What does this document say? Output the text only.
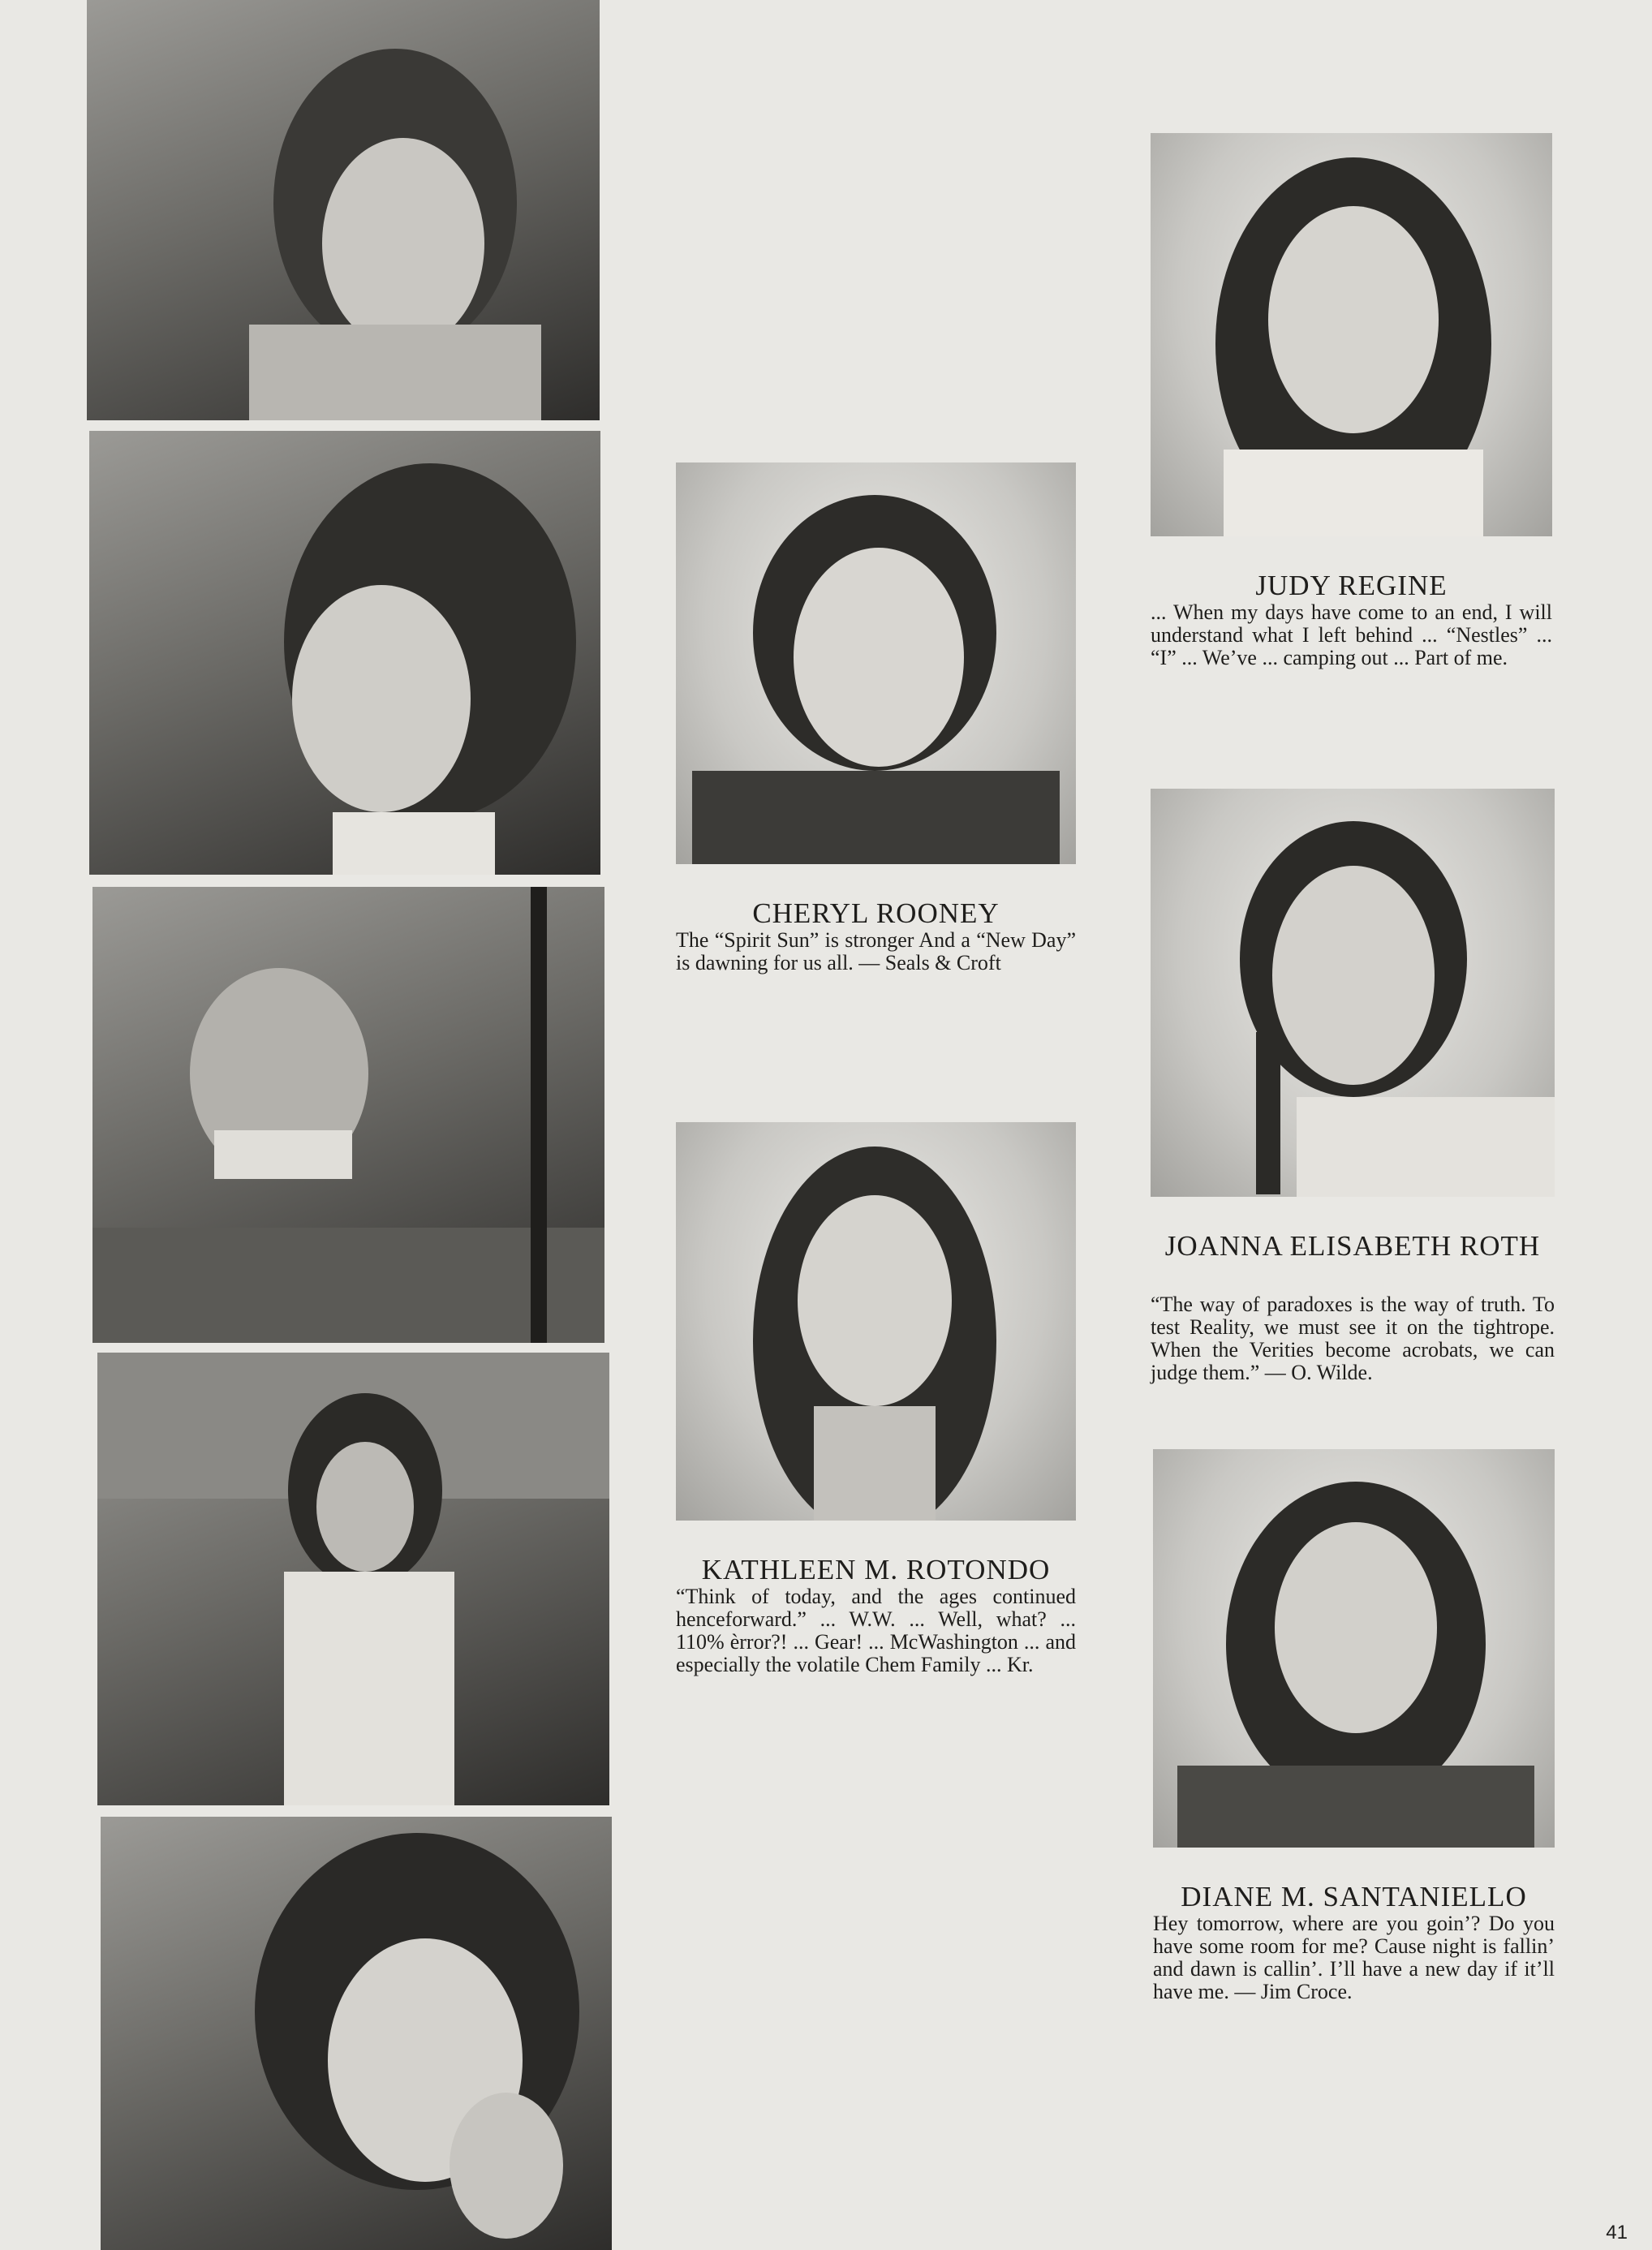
JUDY REGINE

... When my days have come to an end, I will understand what I left behind ... “Nestles” ... “I” ... We’ve ... camping out ... Part of me.

CHERYL ROONEY

The “Spirit Sun” is stronger And a “New Day” is dawning for us all. — Seals & Croft

JOANNA ELISABETH ROTH

“The way of paradoxes is the way of truth. To test Reality, we must see it on the tightrope. When the Verities become acrobats, we can judge them.” — O. Wilde.

KATHLEEN M. ROTONDO

“Think of today, and the ages continued henceforward.” ... W.W. ... Well, what? ... 110% èrror?! ... Gear! ... McWashington ... and especially the volatile Chem Family ... Kr.

DIANE M. SANTANIELLO

Hey tomorrow, where are you goin’? Do you have some room for me? Cause night is fallin’ and dawn is callin’. I’ll have a new day if it’ll have me. — Jim Croce.

41
